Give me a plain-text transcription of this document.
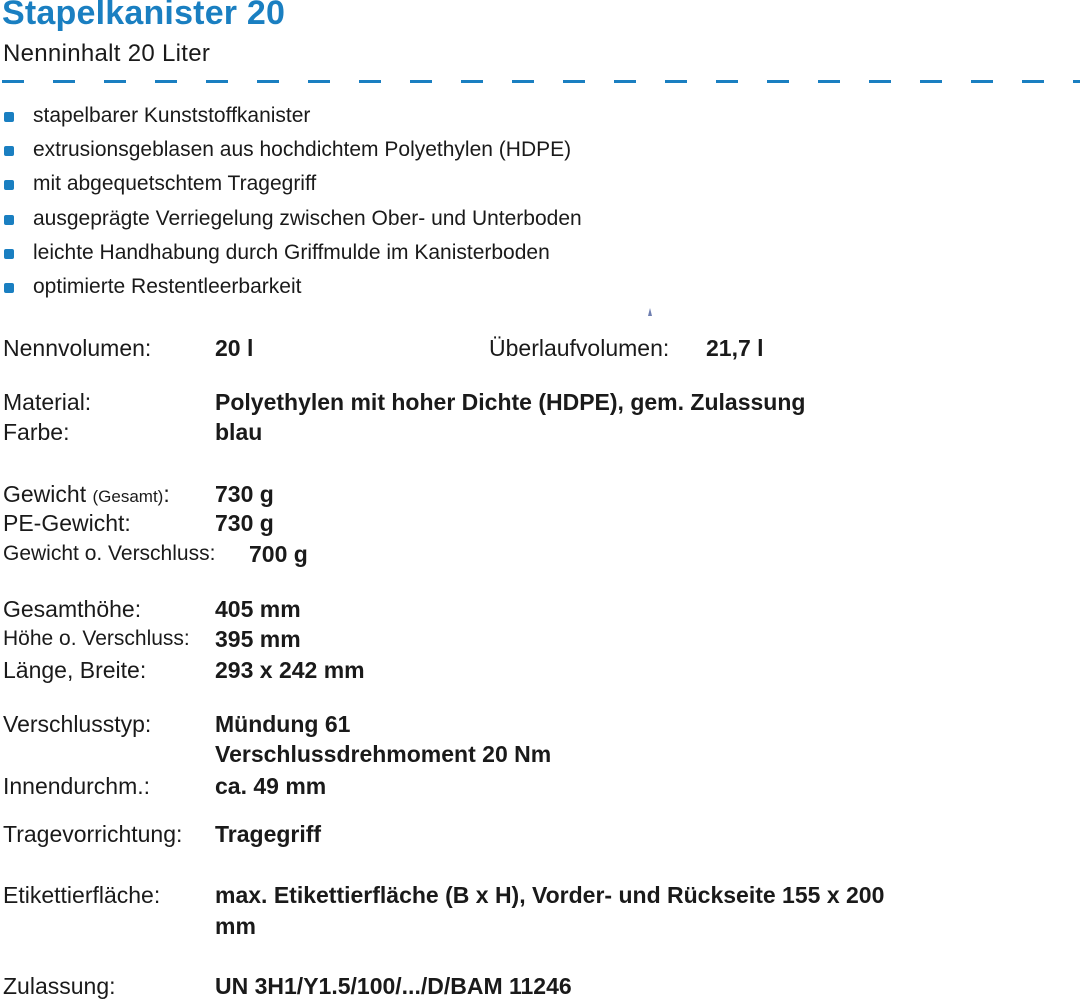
Stapelkanister 20
Nenninhalt 20 Liter
stapelbarer Kunststoffkanister
extrusionsgeblasen aus hochdichtem Polyethylen (HDPE)
mit abgequetschtem Tragegriff
ausgeprägte Verriegelung zwischen Ober- und Unterboden
leichte Handhabung durch Griffmulde im Kanisterboden
optimierte Restentleerbarkeit
Nennvolumen:	20 l	Überlaufvolumen: 21,7 l
Material:	Polyethylen mit hoher Dichte (HDPE), gem. Zulassung
Farbe:	blau
Gewicht (Gesamt): 730 g
PE-Gewicht:	730 g
Gewicht o. Verschluss: 700 g
Gesamthöhe:	405 mm
Höhe o. Verschluss: 395 mm
Länge, Breite:	293 x 242 mm
Verschlusstyp:	Mündung 61
Verschlussdrehmoment 20 Nm
Innendurchm.:	ca. 49 mm
Tragevorrichtung: Tragegriff
Etikettierfläche: max. Etikettierfläche (B x H), Vorder- und Rückseite 155 x 200
mm
Zulassung:	UN 3H1/Y1.5/100/.../D/BAM 11246
